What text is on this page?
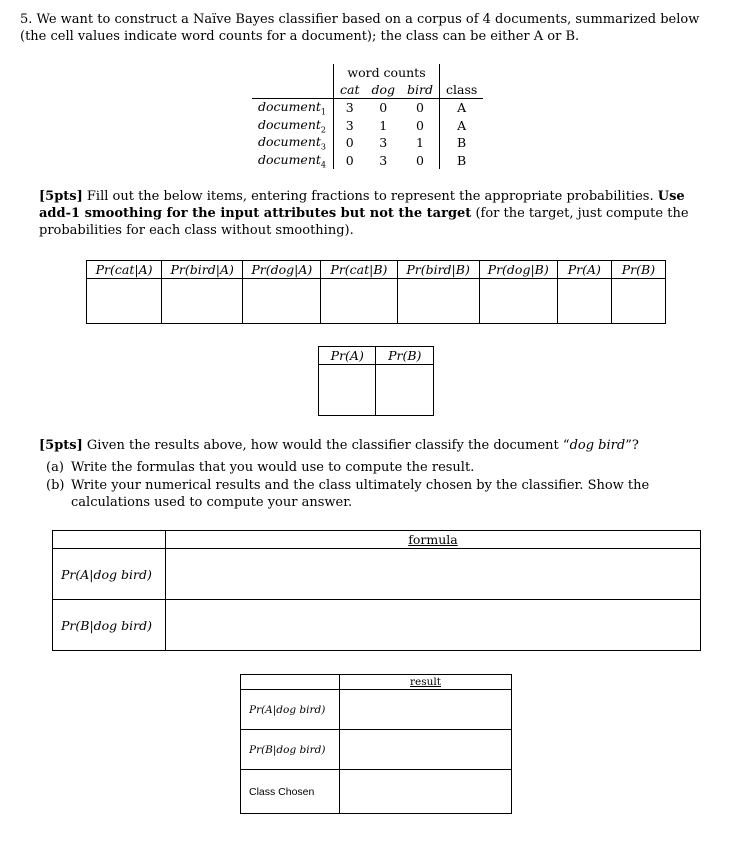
5. We want to construct a Naïve Bayes classifier based on a corpus of 4 documents, summarized below (the cell values indicate word counts for a document); the class can be either A or B.
	word counts			
	cat	dog	bird	class
document$_1$	3	0	0	A
document$_2$	3	1	0	A
document$_3$	0	3	1	B
document$_4$	0	3	0	B
[5pts] Fill out the below items, entering fractions to represent the appropriate probabilities. Use add-1 smoothing for the input attributes but not the target (for the target, just compute the probabilities for each class without smoothing).
Pr(cat|A)	Pr(bird|A)	Pr(dog|A)	Pr(cat|B)	Pr(bird|B)	Pr(dog|B)	Pr(A)	Pr(B)

Pr(A)	Pr(B)

[5pts] Given the results above, how would the classifier classify the document “dog bird”?
(a) Write the formulas that you would use to compute the result.
(b) Write your numerical results and the class ultimately chosen by the classifier. Show the calculations used to compute your answer.
	formula
Pr(A|dog bird)	
Pr(B|dog bird)	
	result
Pr(A|dog bird)	
Pr(B|dog bird)	
Class Chosen	
